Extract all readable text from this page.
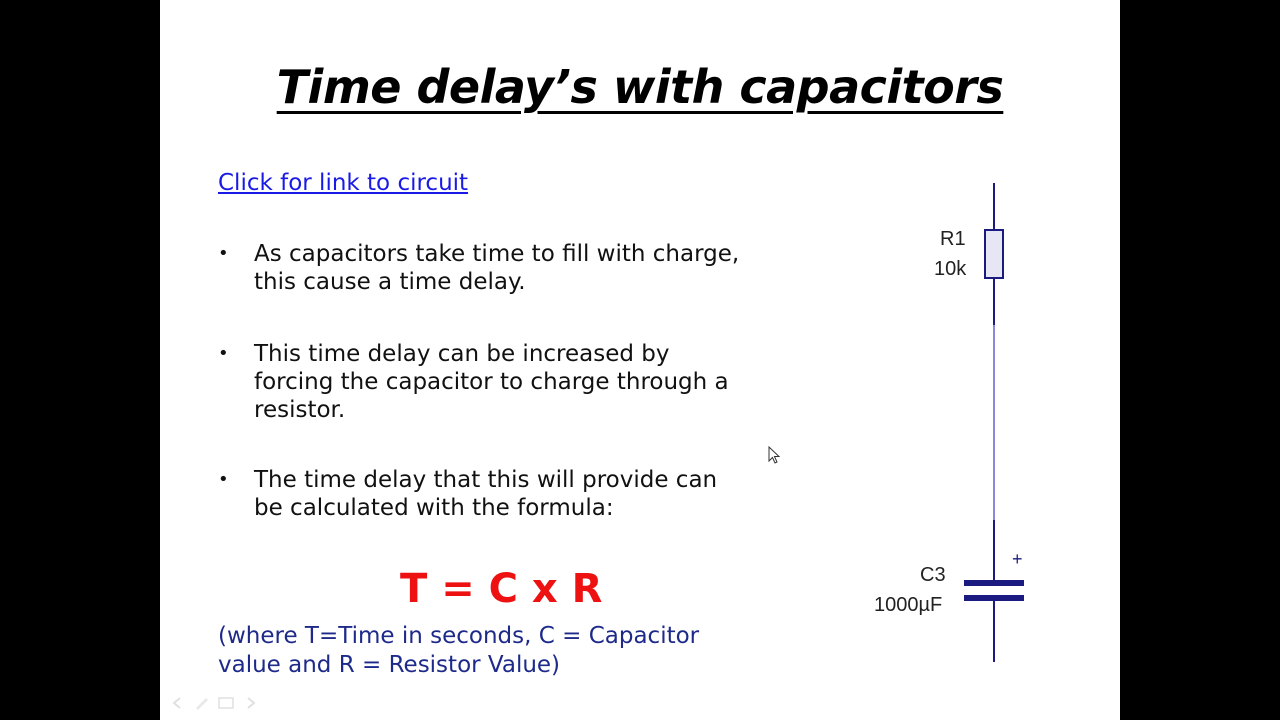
Time delay’s with capacitors
Click for link to circuit
• As capacitors take time to fill with charge,
this cause a time delay.
• This time delay can be increased by
forcing the capacitor to charge through a
resistor.
• The time delay that this will provide can
be calculated with the formula:
T = C x R
(where T=Time in seconds, C = Capacitor
value and R = Resistor Value)
R1
10k
C3
1000µF
+
